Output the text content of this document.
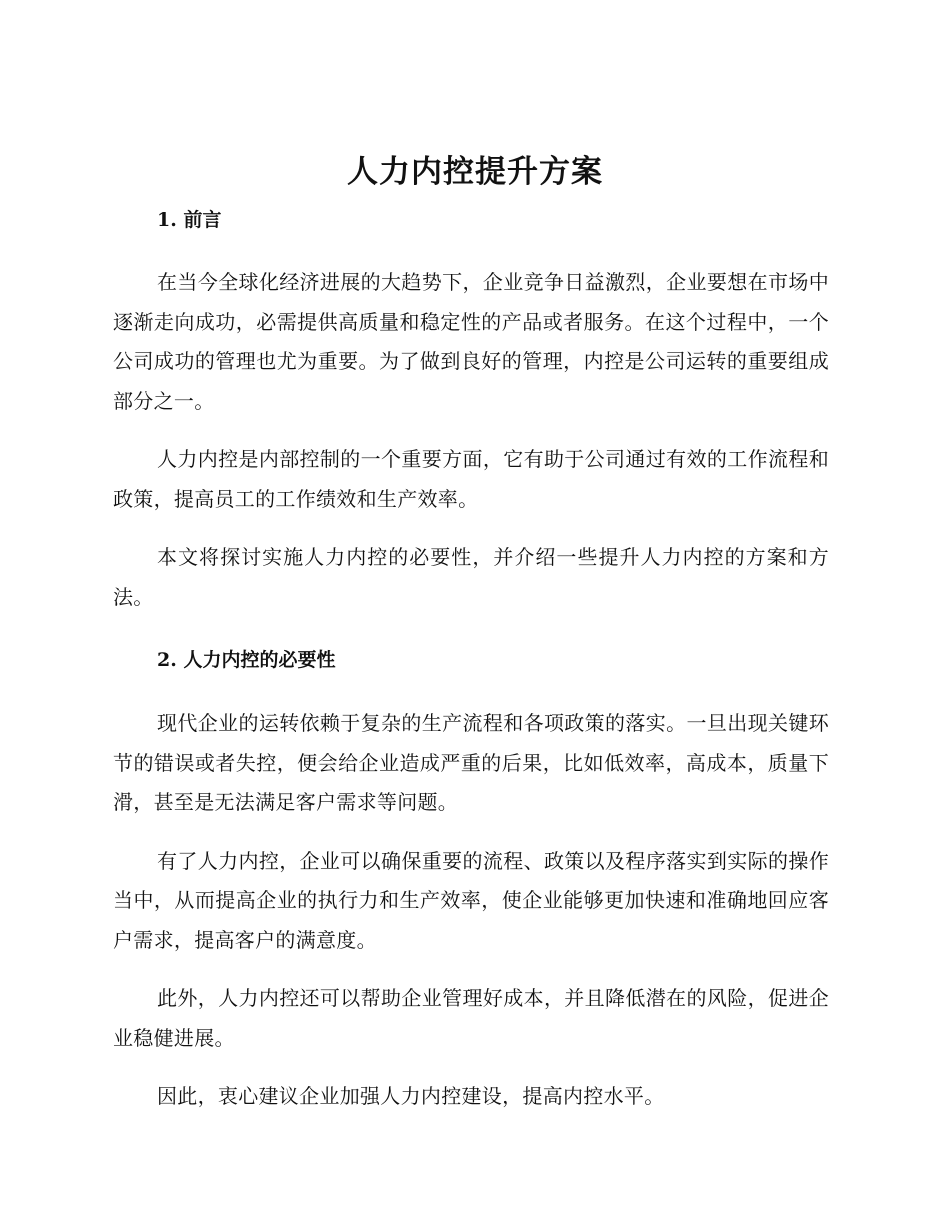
人力内控提升方案
1. 前言

在当今全球化经济进展的大趋势下，企业竞争日益激烈，企业要想在市场中逐渐走向成功，必需提供高质量和稳定性的产品或者服务。在这个过程中，一个公司成功的管理也尤为重要。为了做到良好的管理，内控是公司运转的重要组成部分之一。

人力内控是内部控制的一个重要方面，它有助于公司通过有效的工作流程和政策，提高员工的工作绩效和生产效率。

本文将探讨实施人力内控的必要性，并介绍一些提升人力内控的方案和方法。

2. 人力内控的必要性

现代企业的运转依赖于复杂的生产流程和各项政策的落实。一旦出现关键环节的错误或者失控，便会给企业造成严重的后果，比如低效率，高成本，质量下滑，甚至是无法满足客户需求等问题。

有了人力内控，企业可以确保重要的流程、政策以及程序落实到实际的操作当中，从而提高企业的执行力和生产效率，使企业能够更加快速和准确地回应客户需求，提高客户的满意度。

此外，人力内控还可以帮助企业管理好成本，并且降低潜在的风险，促进企业稳健进展。

因此，衷心建议企业加强人力内控建设，提高内控水平。
